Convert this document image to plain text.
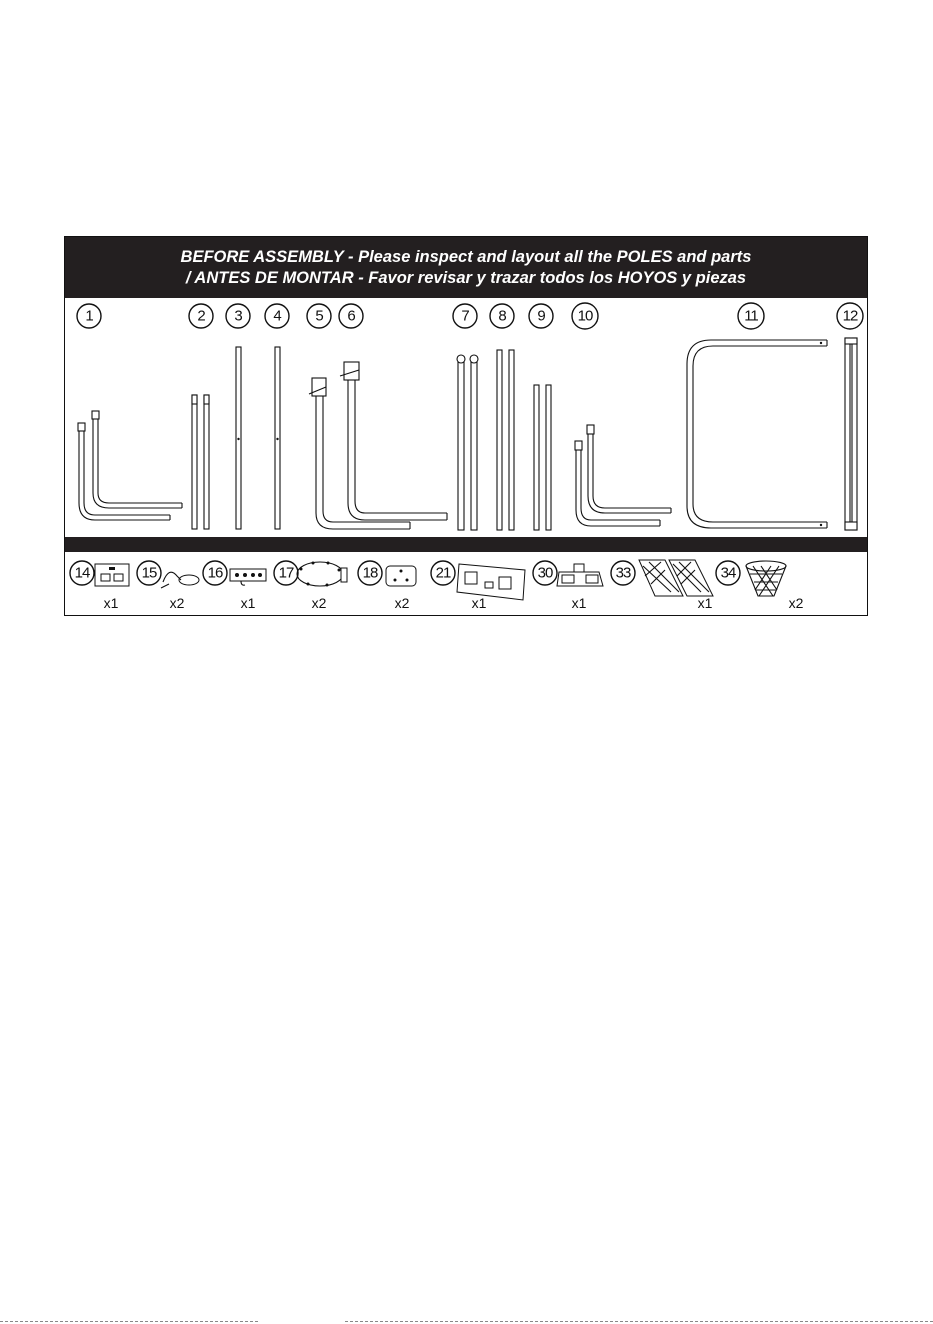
BEFORE ASSEMBLY - Please inspect and layout all the POLES and parts
/ ANTES DE MONTAR - Favor revisar y trazar todos los HOYOS y piezas
1	2 3 4 5 6	7 8 9 10	11	12
14
x1
15
x2
16
x1
17
x2
18
x2
21
x1
30
x1
33
x1
34
x2
